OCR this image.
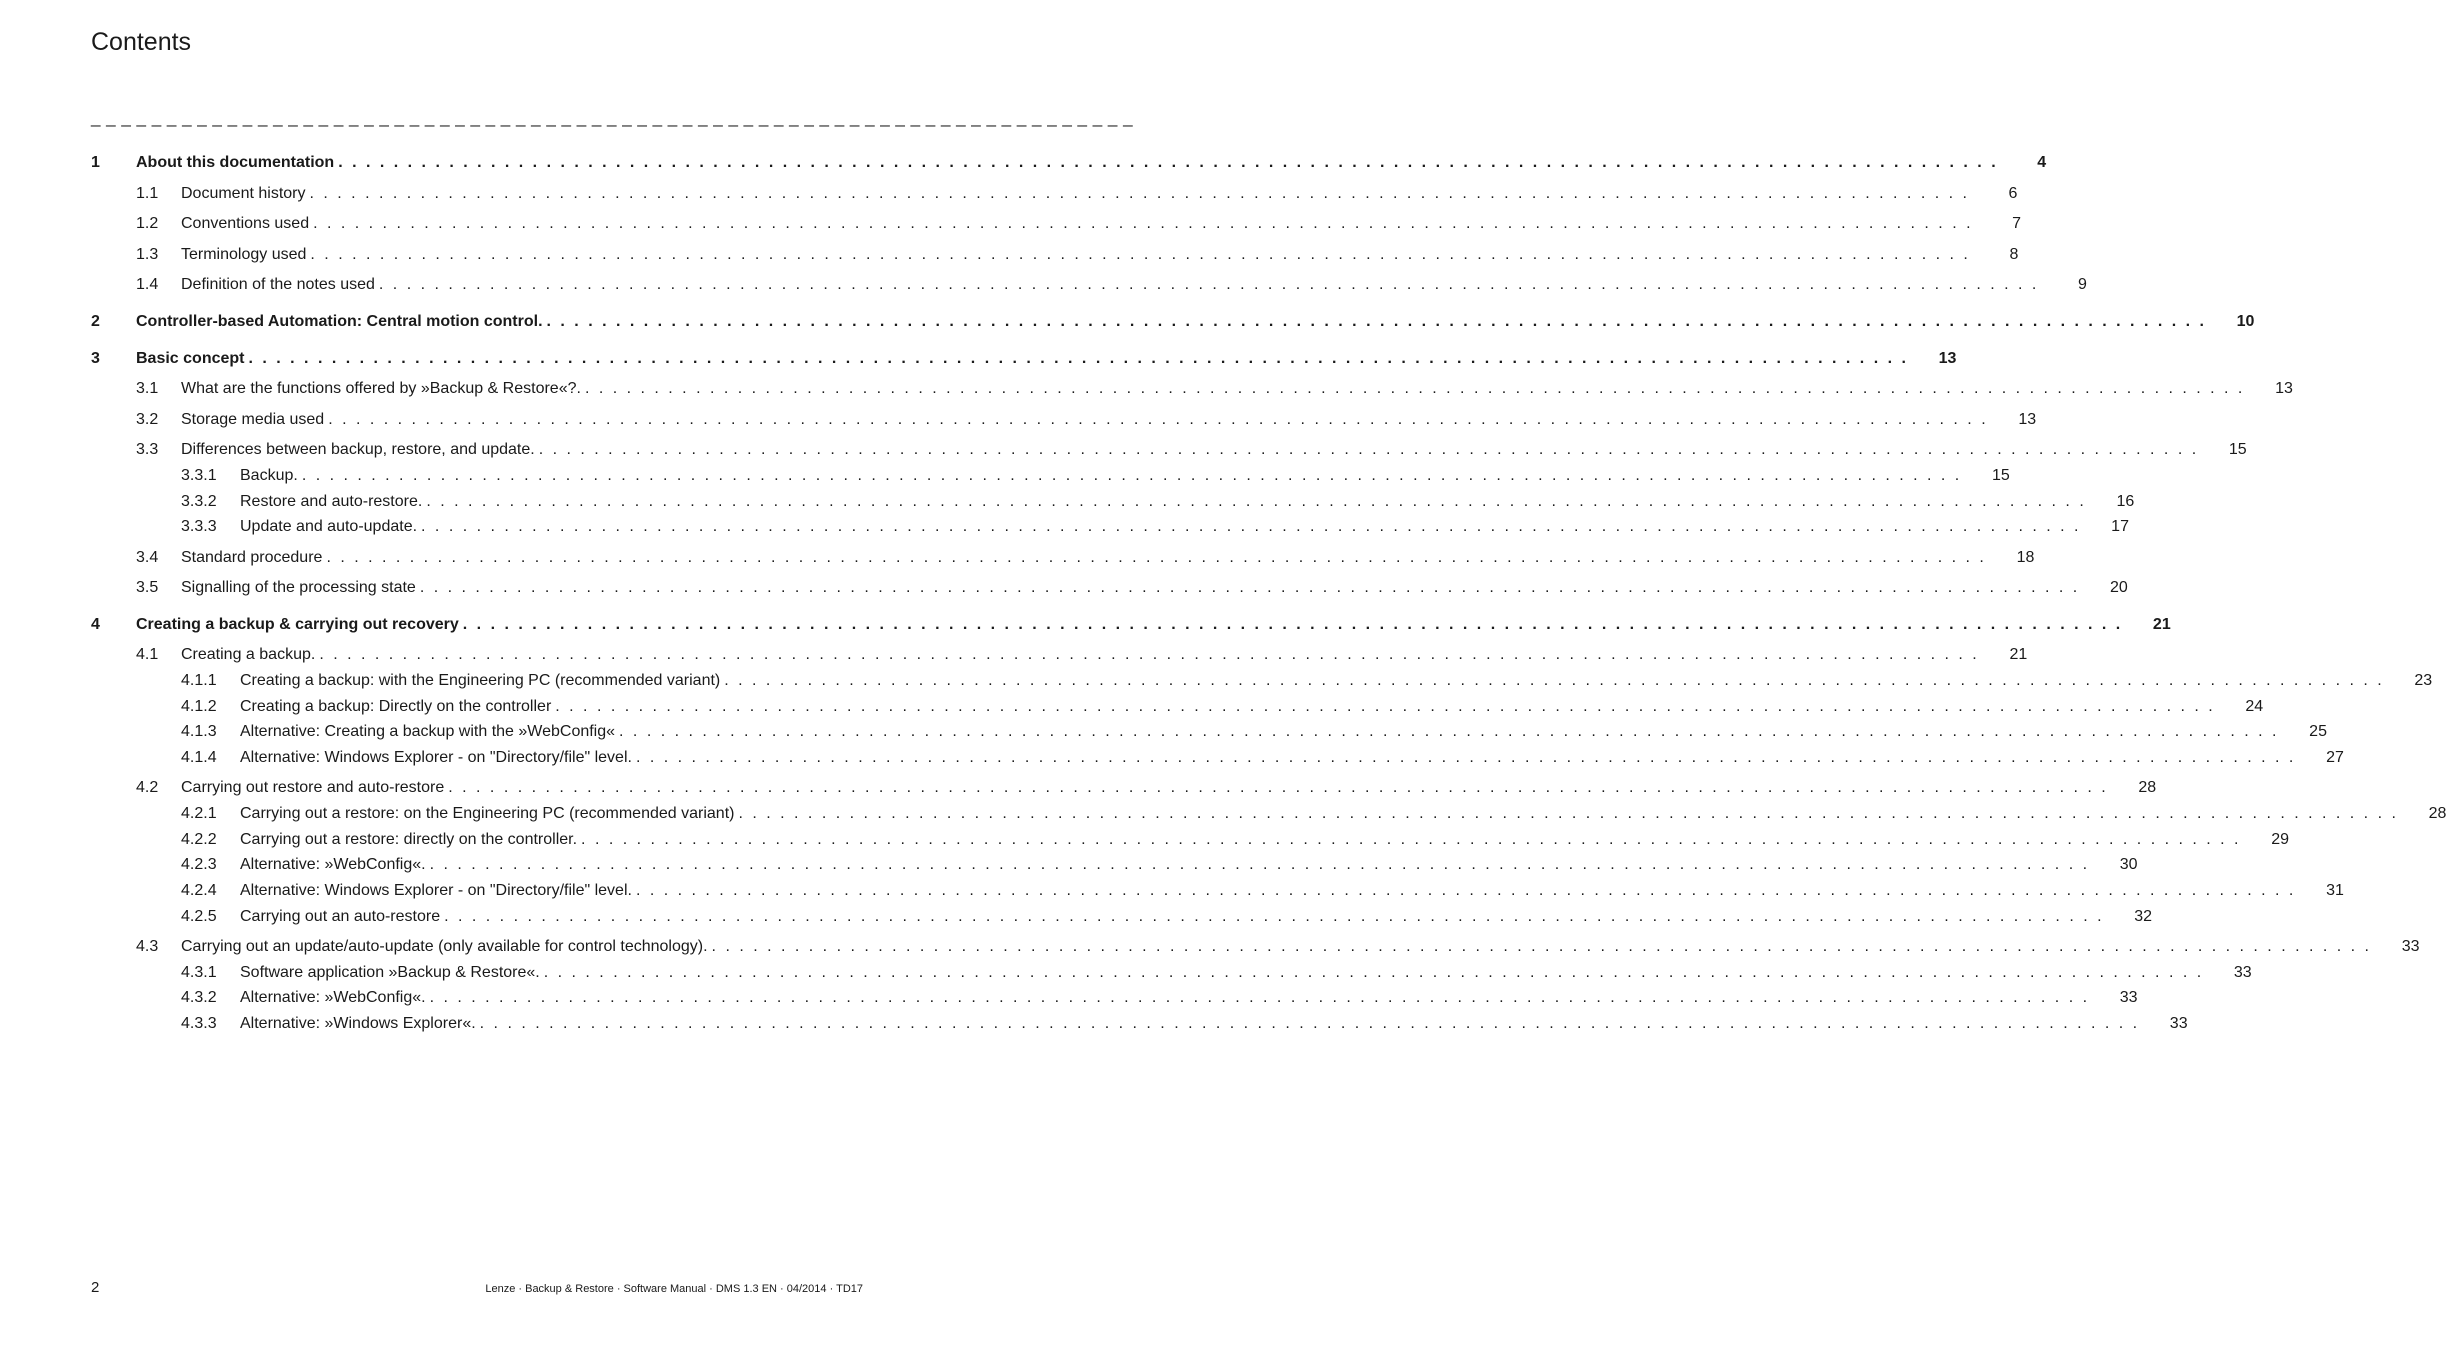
Contents
_ _ _ _ _ _ _ _ _ _ _ _ _ _ _ _ _ _ _ _ _ _ _ _ _ _ _ _ _ _ _ _ _ _ _ _ _ _ _ _ _ _ _ _ _ _ _ _ _ _ _ _ _ _ _ _ _ _ _ _ _ _ _ _ _ _ _ _ _
1 About this documentation . . . . . . . . . . . . . . . . . . . . . . . . . . . . . . . . . . . . . . . . . . . . . . . . . . . . . . . . . . . . . . . . . . . . . . . . . . . . . . . . . . . . . . . . . . . . . . . . . . . . . . . . . . . . . . . . . . . . . . . .	4
1.1 Document history . . . . . . . . . . . . . . . . . . . . . . . . . . . . . . . . . . . . . . . . . . . . . . . . . . . . . . . . . . . . . . . . . . . . . . . . . . . . . . . . . . . . . . . . . . . . . . . . . . . . . . . . . . . . . . . . . . . . . . . .	6
1.2 Conventions used . . . . . . . . . . . . . . . . . . . . . . . . . . . . . . . . . . . . . . . . . . . . . . . . . . . . . . . . . . . . . . . . . . . . . . . . . . . . . . . . . . . . . . . . . . . . . . . . . . . . . . . . . . . . . . . . . . . . . . . .	7
1.3 Terminology used . . . . . . . . . . . . . . . . . . . . . . . . . . . . . . . . . . . . . . . . . . . . . . . . . . . . . . . . . . . . . . . . . . . . . . . . . . . . . . . . . . . . . . . . . . . . . . . . . . . . . . . . . . . . . . . . . . . . . . . .	8
1.4 Definition of the notes used . . . . . . . . . . . . . . . . . . . . . . . . . . . . . . . . . . . . . . . . . . . . . . . . . . . . . . . . . . . . . . . . . . . . . . . . . . . . . . . . . . . . . . . . . . . . . . . . . . . . . . . . . . . . . . . . . . . . . . . .	9
2 Controller-based Automation: Central motion control. . . . . . . . . . . . . . . . . . . . . . . . . . . . . . . . . . . . . . . . . . . . . . . . . . . . . . . . . . . . . . . . . . . . . . . . . . . . . . . . . . . . . . . . . . . . . . . . . . . . . . . . . . . . . . . . . . . . . . . . .	10
3 Basic concept . . . . . . . . . . . . . . . . . . . . . . . . . . . . . . . . . . . . . . . . . . . . . . . . . . . . . . . . . . . . . . . . . . . . . . . . . . . . . . . . . . . . . . . . . . . . . . . . . . . . . . . . . . . . . . . . . . . . . . . .	13
3.1 What are the functions offered by »Backup & Restore«?. . . . . . . . . . . . . . . . . . . . . . . . . . . . . . . . . . . . . . . . . . . . . . . . . . . . . . . . . . . . . . . . . . . . . . . . . . . . . . . . . . . . . . . . . . . . . . . . . . . . . . . . . . . . . . . . . . . . . . . . .	13
3.2 Storage media used . . . . . . . . . . . . . . . . . . . . . . . . . . . . . . . . . . . . . . . . . . . . . . . . . . . . . . . . . . . . . . . . . . . . . . . . . . . . . . . . . . . . . . . . . . . . . . . . . . . . . . . . . . . . . . . . . . . . . . . .	13
3.3 Differences between backup, restore, and update. . . . . . . . . . . . . . . . . . . . . . . . . . . . . . . . . . . . . . . . . . . . . . . . . . . . . . . . . . . . . . . . . . . . . . . . . . . . . . . . . . . . . . . . . . . . . . . . . . . . . . . . . . . . . . . . . . . . . . . . .	15
3.3.1 Backup. . . . . . . . . . . . . . . . . . . . . . . . . . . . . . . . . . . . . . . . . . . . . . . . . . . . . . . . . . . . . . . . . . . . . . . . . . . . . . . . . . . . . . . . . . . . . . . . . . . . . . . . . . . . . . . . . . . . . . . . .	15
3.3.2 Restore and auto-restore. . . . . . . . . . . . . . . . . . . . . . . . . . . . . . . . . . . . . . . . . . . . . . . . . . . . . . . . . . . . . . . . . . . . . . . . . . . . . . . . . . . . . . . . . . . . . . . . . . . . . . . . . . . . . . . . . . . . . . . . .	16
3.3.3 Update and auto-update. . . . . . . . . . . . . . . . . . . . . . . . . . . . . . . . . . . . . . . . . . . . . . . . . . . . . . . . . . . . . . . . . . . . . . . . . . . . . . . . . . . . . . . . . . . . . . . . . . . . . . . . . . . . . . . . . . . . . . . . .	17
3.4 Standard procedure . . . . . . . . . . . . . . . . . . . . . . . . . . . . . . . . . . . . . . . . . . . . . . . . . . . . . . . . . . . . . . . . . . . . . . . . . . . . . . . . . . . . . . . . . . . . . . . . . . . . . . . . . . . . . . . . . . . . . . . .	18
3.5 Signalling of the processing state . . . . . . . . . . . . . . . . . . . . . . . . . . . . . . . . . . . . . . . . . . . . . . . . . . . . . . . . . . . . . . . . . . . . . . . . . . . . . . . . . . . . . . . . . . . . . . . . . . . . . . . . . . . . . . . . . . . . . . . .	20
4 Creating a backup & carrying out recovery . . . . . . . . . . . . . . . . . . . . . . . . . . . . . . . . . . . . . . . . . . . . . . . . . . . . . . . . . . . . . . . . . . . . . . . . . . . . . . . . . . . . . . . . . . . . . . . . . . . . . . . . . . . . . . . . . . . . . . . .	21
4.1 Creating a backup. . . . . . . . . . . . . . . . . . . . . . . . . . . . . . . . . . . . . . . . . . . . . . . . . . . . . . . . . . . . . . . . . . . . . . . . . . . . . . . . . . . . . . . . . . . . . . . . . . . . . . . . . . . . . . . . . . . . . . . . .	21
4.1.1 Creating a backup: with the Engineering PC (recommended variant) . . . . . . . . . . . . . . . . . . . . . . . . . . . . . . . . . . . . . . . . . . . . . . . . . . . . . . . . . . . . . . . . . . . . . . . . . . . . . . . . . . . . . . . . . . . . . . . . . . . . . . . . . . . . . . . . . . . . . . . .	23
4.1.2 Creating a backup: Directly on the controller . . . . . . . . . . . . . . . . . . . . . . . . . . . . . . . . . . . . . . . . . . . . . . . . . . . . . . . . . . . . . . . . . . . . . . . . . . . . . . . . . . . . . . . . . . . . . . . . . . . . . . . . . . . . . . . . . . . . . . . .	24
4.1.3 Alternative: Creating a backup with the »WebConfig« . . . . . . . . . . . . . . . . . . . . . . . . . . . . . . . . . . . . . . . . . . . . . . . . . . . . . . . . . . . . . . . . . . . . . . . . . . . . . . . . . . . . . . . . . . . . . . . . . . . . . . . . . . . . . . . . . . . . . . . .	25
4.1.4 Alternative: Windows Explorer - on "Directory/file" level. . . . . . . . . . . . . . . . . . . . . . . . . . . . . . . . . . . . . . . . . . . . . . . . . . . . . . . . . . . . . . . . . . . . . . . . . . . . . . . . . . . . . . . . . . . . . . . . . . . . . . . . . . . . . . . . . . . . . . . . .	27
4.2 Carrying out restore and auto-restore . . . . . . . . . . . . . . . . . . . . . . . . . . . . . . . . . . . . . . . . . . . . . . . . . . . . . . . . . . . . . . . . . . . . . . . . . . . . . . . . . . . . . . . . . . . . . . . . . . . . . . . . . . . . . . . . . . . . . . . .	28
4.2.1 Carrying out a restore: on the Engineering PC (recommended variant) . . . . . . . . . . . . . . . . . . . . . . . . . . . . . . . . . . . . . . . . . . . . . . . . . . . . . . . . . . . . . . . . . . . . . . . . . . . . . . . . . . . . . . . . . . . . . . . . . . . . . . . . . . . . . . . . . . . . . . . .	28
4.2.2 Carrying out a restore: directly on the controller. . . . . . . . . . . . . . . . . . . . . . . . . . . . . . . . . . . . . . . . . . . . . . . . . . . . . . . . . . . . . . . . . . . . . . . . . . . . . . . . . . . . . . . . . . . . . . . . . . . . . . . . . . . . . . . . . . . . . . . . .	29
4.2.3 Alternative: »WebConfig«. . . . . . . . . . . . . . . . . . . . . . . . . . . . . . . . . . . . . . . . . . . . . . . . . . . . . . . . . . . . . . . . . . . . . . . . . . . . . . . . . . . . . . . . . . . . . . . . . . . . . . . . . . . . . . . . . . . . . . . . .	30
4.2.4 Alternative: Windows Explorer - on "Directory/file" level. . . . . . . . . . . . . . . . . . . . . . . . . . . . . . . . . . . . . . . . . . . . . . . . . . . . . . . . . . . . . . . . . . . . . . . . . . . . . . . . . . . . . . . . . . . . . . . . . . . . . . . . . . . . . . . . . . . . . . . . .	31
4.2.5 Carrying out an auto-restore . . . . . . . . . . . . . . . . . . . . . . . . . . . . . . . . . . . . . . . . . . . . . . . . . . . . . . . . . . . . . . . . . . . . . . . . . . . . . . . . . . . . . . . . . . . . . . . . . . . . . . . . . . . . . . . . . . . . . . . .	32
4.3 Carrying out an update/auto-update (only available for control technology). . . . . . . . . . . . . . . . . . . . . . . . . . . . . . . . . . . . . . . . . . . . . . . . . . . . . . . . . . . . . . . . . . . . . . . . . . . . . . . . . . . . . . . . . . . . . . . . . . . . . . . . . . . . . . . . . . . . . . . . .	33
4.3.1 Software application »Backup & Restore«. . . . . . . . . . . . . . . . . . . . . . . . . . . . . . . . . . . . . . . . . . . . . . . . . . . . . . . . . . . . . . . . . . . . . . . . . . . . . . . . . . . . . . . . . . . . . . . . . . . . . . . . . . . . . . . . . . . . . . . . .	33
4.3.2 Alternative: »WebConfig«. . . . . . . . . . . . . . . . . . . . . . . . . . . . . . . . . . . . . . . . . . . . . . . . . . . . . . . . . . . . . . . . . . . . . . . . . . . . . . . . . . . . . . . . . . . . . . . . . . . . . . . . . . . . . . . . . . . . . . . . .	33
4.3.3 Alternative: »Windows Explorer«. . . . . . . . . . . . . . . . . . . . . . . . . . . . . . . . . . . . . . . . . . . . . . . . . . . . . . . . . . . . . . . . . . . . . . . . . . . . . . . . . . . . . . . . . . . . . . . . . . . . . . . . . . . . . . . . . . . . . . . . .	33
2	Lenze · Backup & Restore · Software Manual · DMS 1.3 EN · 04/2014 · TD17
